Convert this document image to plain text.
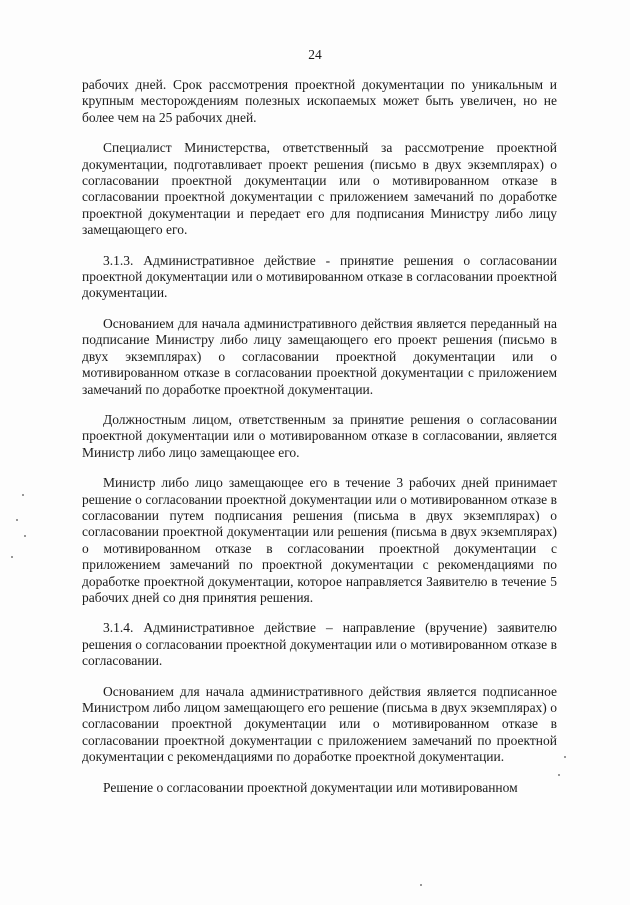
24

рабочих дней. Срок рассмотрения проектной документации по уникальным и крупным месторождениям полезных ископаемых может быть увеличен, но не более чем на 25 рабочих дней.

Специалист Министерства, ответственный за рассмотрение проектной документации, подготавливает проект решения (письмо в двух экземплярах) о согласовании проектной документации или о мотивированном отказе в согласовании проектной документации с приложением замечаний по доработке проектной документации и передает его для подписания Министру либо лицу замещающего его.

3.1.3. Административное действие - принятие решения о согласовании проектной документации или о мотивированном отказе в согласовании проектной документации.

Основанием для начала административного действия является переданный на подписание Министру либо лицу замещающего его проект решения (письмо в двух экземплярах) о согласовании проектной документации или о мотивированном отказе в согласовании проектной документации с приложением замечаний по доработке проектной документации.

Должностным лицом, ответственным за принятие решения о согласовании проектной документации или о мотивированном отказе в согласовании, является Министр либо лицо замещающее его.

Министр либо лицо замещающее его в течение 3 рабочих дней принимает решение о согласовании проектной документации или о мотивированном отказе в согласовании путем подписания решения (письма в двух экземплярах) о согласовании проектной документации или решения (письма в двух экземплярах) о мотивированном отказе в согласовании проектной документации с приложением замечаний по проектной документации с рекомендациями по доработке проектной документации, которое направляется Заявителю в течение 5 рабочих дней со дня принятия решения.

3.1.4. Административное действие – направление (вручение) заявителю решения о согласовании проектной документации или о мотивированном отказе в согласовании.

Основанием для начала административного действия является подписанное Министром либо лицом замещающего его решение (письма в двух экземплярах) о согласовании проектной документации или о мотивированном отказе в согласовании проектной документации с приложением замечаний по проектной документации с рекомендациями по доработке проектной документации.

Решение о согласовании проектной документации или мотивированном
